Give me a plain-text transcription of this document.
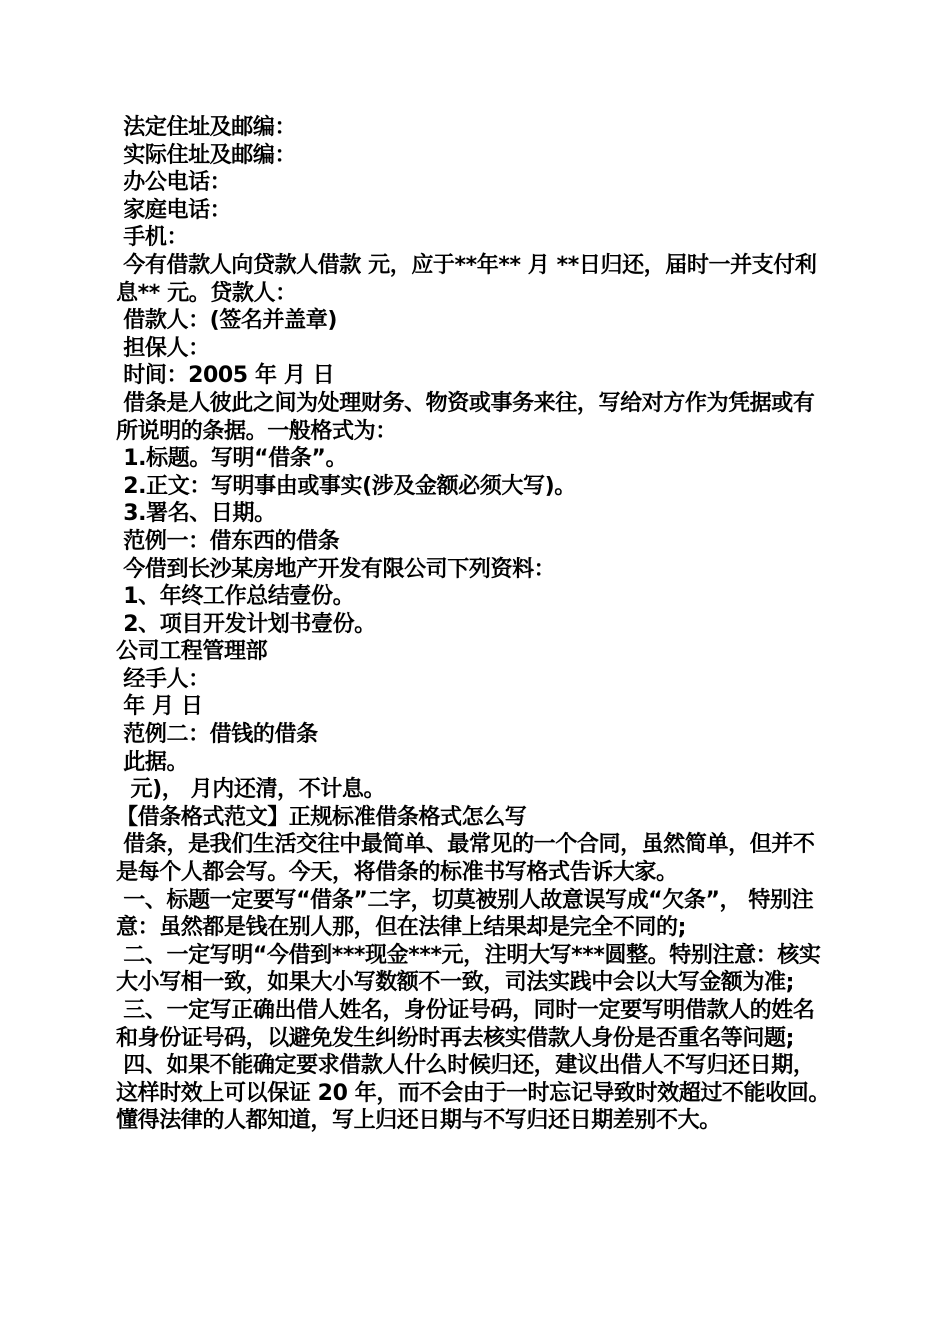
法定住址及邮编：

实际住址及邮编：

办公电话：

家庭电话：

手机：

今有借款人向贷款人借款 元，应于**年** 月 **日归还，届时一并支付利息** 元。贷款人：

借款人：(签名并盖章)

担保人：

时间：2005 年 月 日

借条是人彼此之间为处理财务、物资或事务来往，写给对方作为凭据或有所说明的条据。一般格式为：

1.标题。写明“借条”。

2.正文：写明事由或事实(涉及金额必须大写)。

3.署名、日期。

范例一：借东西的借条

今借到长沙某房地产开发有限公司下列资料：

1、年终工作总结壹份。

2、项目开发计划书壹份。

公司工程管理部

经手人：

年 月 日

范例二：借钱的借条

此据。

元)， 月内还清，不计息。

【借条格式范文】正规标准借条格式怎么写

借条，是我们生活交往中最简单、最常见的一个合同，虽然简单，但并不是每个人都会写。今天，将借条的标准书写格式告诉大家。

一、标题一定要写“借条”二字，切莫被别人故意误写成“欠条”， 特别注意：虽然都是钱在别人那，但在法律上结果却是完全不同的;

二、一定写明“今借到***现金***元，注明大写***圆整。特别注意：核实大小写相一致，如果大小写数额不一致，司法实践中会以大写金额为准;

三、一定写正确出借人姓名，身份证号码，同时一定要写明借款人的姓名和身份证号码，以避免发生纠纷时再去核实借款人身份是否重名等问题;

四、如果不能确定要求借款人什么时候归还，建议出借人不写归还日期，这样时效上可以保证 20 年，而不会由于一时忘记导致时效超过不能收回。懂得法律的人都知道，写上归还日期与不写归还日期差别不大。
